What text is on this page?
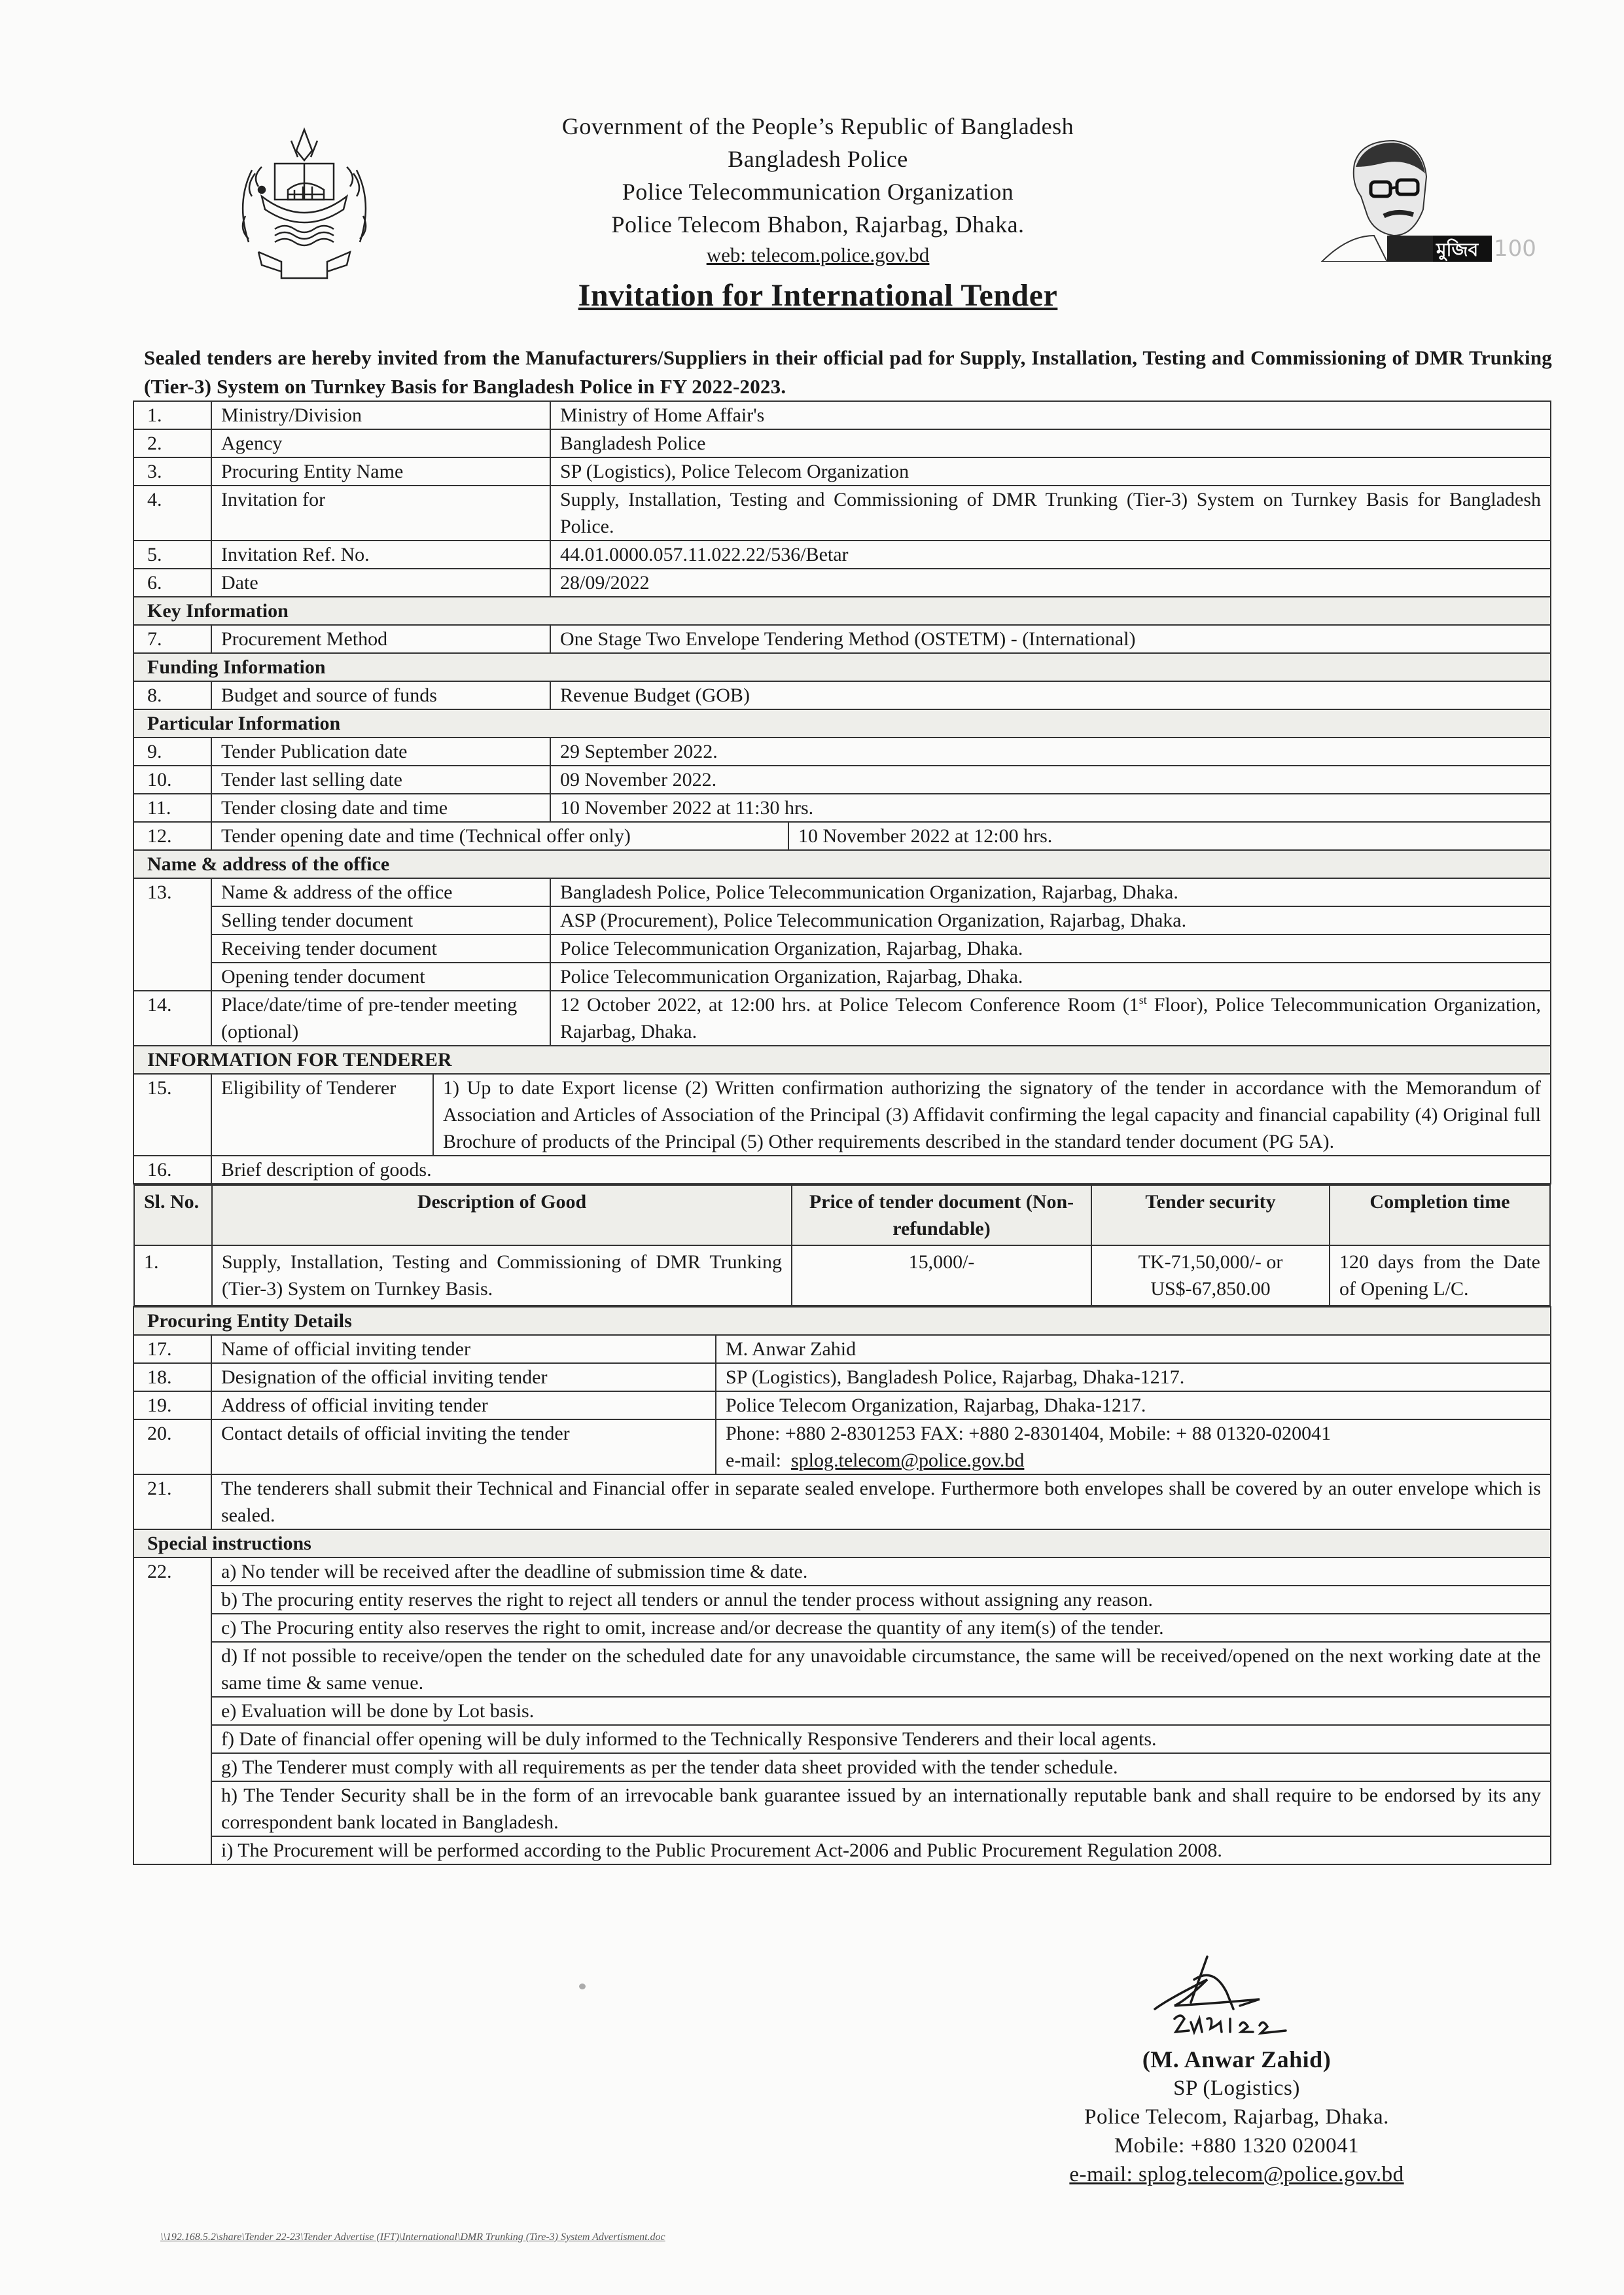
Government of the People’s Republic of Bangladesh
Bangladesh Police
Police Telecommunication Organization
Police Telecom Bhabon, Rajarbag, Dhaka.
web: telecom.police.gov.bd	মুজিব 100
Invitation for International Tender
Sealed tenders are hereby invited from the Manufacturers/Suppliers in their official pad for Supply, Installation, Testing and Commissioning of DMR Trunking (Tier-3) System on Turnkey Basis for Bangladesh Police in FY 2022-2023.
1.	Ministry/Division	Ministry of Home Affair's
2.	Agency	Bangladesh Police
3.	Procuring Entity Name	SP (Logistics), Police Telecom Organization
4.	Invitation for	Supply, Installation, Testing and Commissioning of DMR Trunking (Tier-3) System on Turnkey Basis for Bangladesh Police.
5.	Invitation Ref. No.	44.01.0000.057.11.022.22/536/Betar
6.	Date	28/09/2022
Key Information
7.	Procurement Method	One Stage Two Envelope Tendering Method (OSTETM) - (International)
Funding Information
8.	Budget and source of funds	Revenue Budget (GOB)
Particular Information
9.	Tender Publication date	29 September 2022.
10.	Tender last selling date	09 November 2022.
11.	Tender closing date and time	10 November 2022 at 11:30 hrs.
12.		Tender opening date and time (Technical offer only)	10 November 2022 at 12:00 hrs.

Name & address of the office
13.	Name & address of the office	Bangladesh Police, Police Telecommunication Organization, Rajarbag, Dhaka.
Selling tender document	ASP (Procurement), Police Telecommunication Organization, Rajarbag, Dhaka.
Receiving tender document	Police Telecommunication Organization, Rajarbag, Dhaka.
Opening tender document	Police Telecommunication Organization, Rajarbag, Dhaka.
14.	Place/date/time of pre-tender meeting (optional)	12 October 2022, at 12:00 hrs. at Police Telecom Conference Room (1st Floor), Police Telecommunication Organization, Rajarbag, Dhaka.
INFORMATION FOR TENDERER
15.		Eligibility of Tenderer	1) Up to date Export license (2) Written confirmation authorizing the signatory of the tender in accordance with the Memorandum of Association and Articles of Association of the Principal (3) Affidavit confirming the legal capacity and financial capability (4) Original full Brochure of products of the Principal (5) Other requirements described in the standard tender document (PG 5A).

16.	Brief description of goods.

Sl. No.	Description of Good	Price of tender document (Non-refundable)	Tender security	Completion time
1.	Supply, Installation, Testing and Commissioning of DMR Trunking (Tier-3) System on Turnkey Basis.	15,000/-	TK-71,50,000/- or US$-67,850.00	120 days from the Date of Opening L/C.

Procuring Entity Details
17.		Name of official inviting tender	M. Anwar Zahid

18.		Designation of the official inviting tender	SP (Logistics), Bangladesh Police, Rajarbag, Dhaka-1217.

19.		Address of official inviting tender	Police Telecom Organization, Rajarbag, Dhaka-1217.

20.		Contact details of official inviting the tender	Phone: +880 2-8301253 FAX: +880 2-8301404, Mobile: + 88 01320-020041
e-mail:  splog.telecom@police.gov.bd

21.	The tenderers shall submit their Technical and Financial offer in separate sealed envelope. Furthermore both envelopes shall be covered by an outer envelope which is sealed.
Special instructions
22.		a) No tender will be received after the deadline of submission time & date.
b) The procuring entity reserves the right to reject all tenders or annul the tender process without assigning any reason.
c) The Procuring entity also reserves the right to omit, increase and/or decrease the quantity of any item(s) of the tender.
d) If not possible to receive/open the tender on the scheduled date for any unavoidable circumstance, the same will be received/opened on the next working date at the same time & same venue.
e) Evaluation will be done by Lot basis.
f) Date of financial offer opening will be duly informed to the Technically Responsive Tenderers and their local agents.
g) The Tenderer must comply with all requirements as per the tender data sheet provided with the tender schedule.
h) The Tender Security shall be in the form of an irrevocable bank guarantee issued by an internationally reputable bank and shall require to be endorsed by its any correspondent bank located in Bangladesh.
i) The Procurement will be performed according to the Public Procurement Act-2006 and Public Procurement Regulation 2008.
(M. Anwar Zahid)
SP (Logistics)
Police Telecom, Rajarbag, Dhaka.
Mobile: +880 1320 020041
e-mail: splog.telecom@police.gov.bd
\\192.168.5.2\share\Tender 22-23\Tender Advertise (IFT)\International\DMR Trunking (Tire-3) System Advertisment.doc
